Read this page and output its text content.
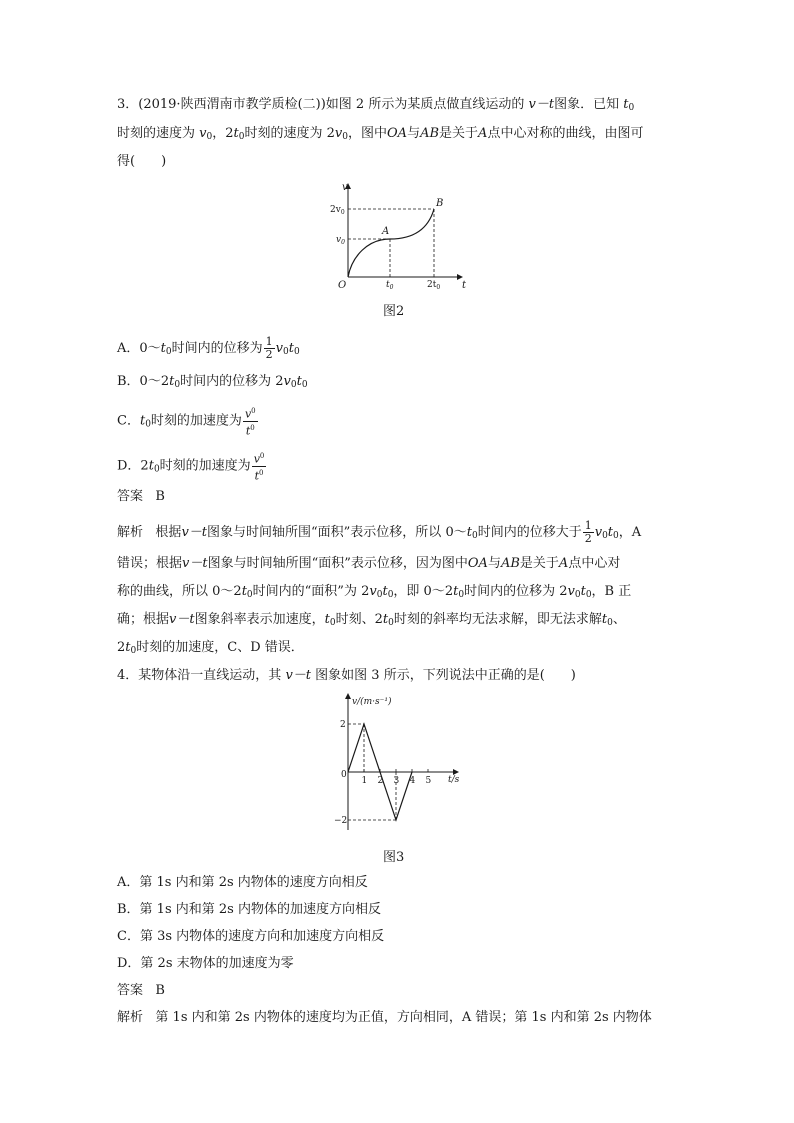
3．(2019·陕西渭南市教学质检(二))如图 2 所示为某质点做直线运动的 v－t图象．已知 $t_0$
时刻的速度为 $v_0$，$2t_0$时刻的速度为 $2v_0$，图中OA与AB是关于A点中心对称的曲线，由图可
得(　　)
v
t
O
$2v_0$
$v_0$
$t_0$	$2t_0$
A
B
图2
A．$0\sim t_0$时间内的位移为 $\frac{1}{2} v_0t_0$
B．$0\sim 2t_0$时间内的位移为 $2v_0t_0$
C．$t_0$时刻的加速度为 $\frac{v^0}{t^0}$
D．$2t_0$时刻的加速度为 $\frac{v^0}{t^0}$
答案 B
解析 根据v－t图象与时间轴所围“面积”表示位移，所以 $0\sim t_0$时间内的位移大于 $\frac{1}{2} v_0t_0$，A
错误；根据v－t图象与时间轴所围“面积”表示位移，因为图中OA与AB是关于A点中心对
称的曲线，所以 $0\sim 2t_0$时间内的“面积”为 $2v_0t_0$，即 $0\sim 2t_0$时间内的位移为 $2v_0t_0$，B 正
确；根据v－t图象斜率表示加速度，$t_0$时刻、$2t_0$时刻的斜率均无法求解，即无法求解$t_0$、
$2t_0$时刻的加速度，C、D 错误．
4．某物体沿一直线运动，其 v－t 图象如图 3 所示，下列说法中正确的是(　　)
v/(m·s⁻¹)
t/s
0
1 2 3 4 5
−2
2
图3
A．第 1s 内和第 2s 内物体的速度方向相反
B．第 1s 内和第 2s 内物体的加速度方向相反
C．第 3s 内物体的速度方向和加速度方向相反
D．第 2s 末物体的加速度为零
答案 B
解析 第 1s 内和第 2s 内物体的速度均为正值，方向相同，A 错误；第 1s 内和第 2s 内物体
